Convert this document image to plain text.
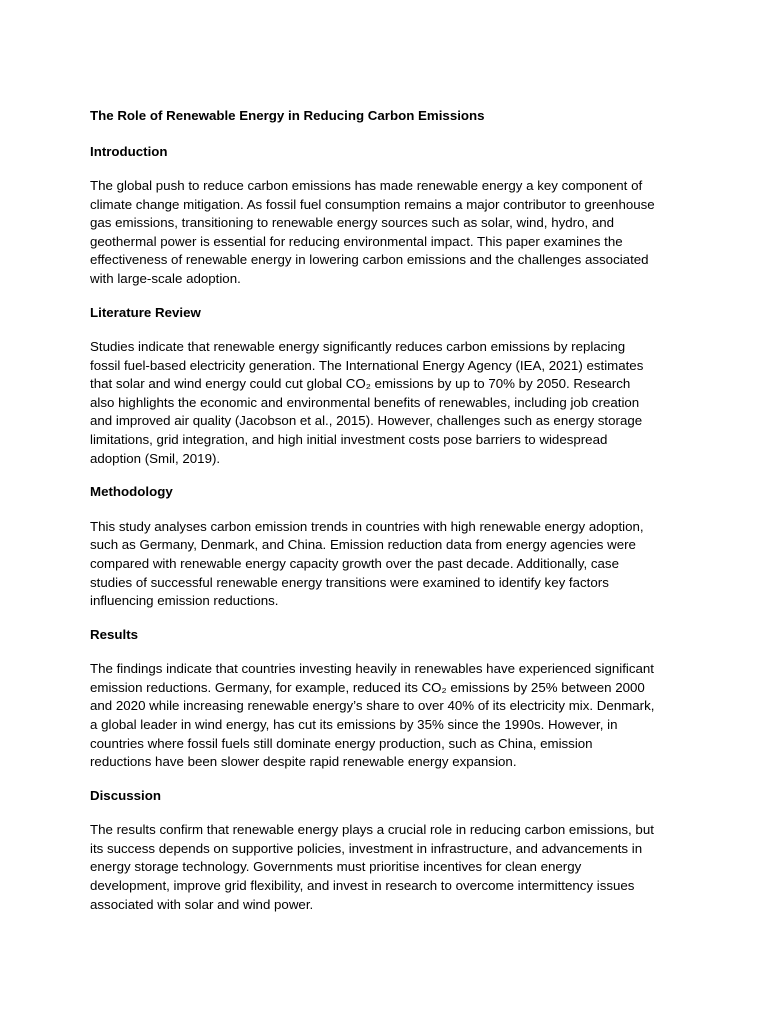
The Role of Renewable Energy in Reducing Carbon Emissions
Introduction
The global push to reduce carbon emissions has made renewable energy a key component of
climate change mitigation. As fossil fuel consumption remains a major contributor to greenhouse
gas emissions, transitioning to renewable energy sources such as solar, wind, hydro, and
geothermal power is essential for reducing environmental impact. This paper examines the
effectiveness of renewable energy in lowering carbon emissions and the challenges associated
with large-scale adoption.
Literature Review
Studies indicate that renewable energy significantly reduces carbon emissions by replacing
fossil fuel-based electricity generation. The International Energy Agency (IEA, 2021) estimates
that solar and wind energy could cut global CO₂ emissions by up to 70% by 2050. Research
also highlights the economic and environmental benefits of renewables, including job creation
and improved air quality (Jacobson et al., 2015). However, challenges such as energy storage
limitations, grid integration, and high initial investment costs pose barriers to widespread
adoption (Smil, 2019).
Methodology
This study analyses carbon emission trends in countries with high renewable energy adoption,
such as Germany, Denmark, and China. Emission reduction data from energy agencies were
compared with renewable energy capacity growth over the past decade. Additionally, case
studies of successful renewable energy transitions were examined to identify key factors
influencing emission reductions.
Results
The findings indicate that countries investing heavily in renewables have experienced significant
emission reductions. Germany, for example, reduced its CO₂ emissions by 25% between 2000
and 2020 while increasing renewable energy’s share to over 40% of its electricity mix. Denmark,
a global leader in wind energy, has cut its emissions by 35% since the 1990s. However, in
countries where fossil fuels still dominate energy production, such as China, emission
reductions have been slower despite rapid renewable energy expansion.
Discussion
The results confirm that renewable energy plays a crucial role in reducing carbon emissions, but
its success depends on supportive policies, investment in infrastructure, and advancements in
energy storage technology. Governments must prioritise incentives for clean energy
development, improve grid flexibility, and invest in research to overcome intermittency issues
associated with solar and wind power.
